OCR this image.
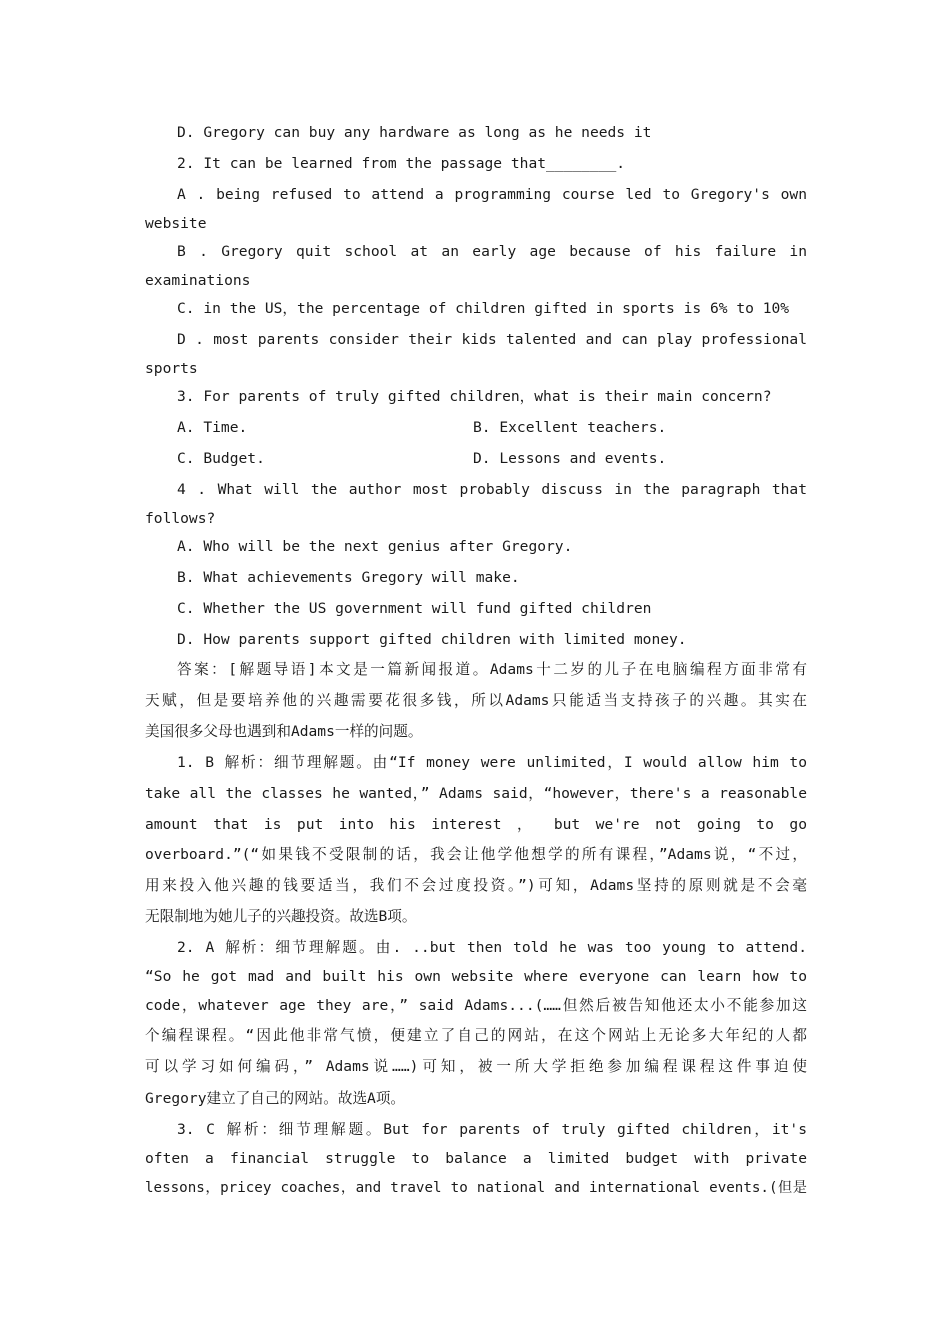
D. Gregory can buy any hardware as long as he needs it
2. It can be learned from the passage that________.
A . being refused to attend a programming course led to Gregory's own
website
B . Gregory quit school at an early age because of his failure in
examinations
C. in the US，the percentage of children gifted in sports is 6% to 10%
D . most parents consider their kids talented and can play professional
sports
3. For parents of truly gifted children，what is their main concern?
A. Time.	B. Excellent teachers.
C. Budget.	D. Lessons and events.
4 . What will the author most probably discuss in the paragraph that
follows?
A. Who will be the next genius after Gregory.
B. What achievements Gregory will make.
C. Whether the US government will fund gifted children
D. How parents support gifted children with limited money.
答案：[解题导语]本文是一篇新闻报道。Adams十二岁的儿子在电脑编程方面非常有
天赋，但是要培养他的兴趣需要花很多钱，所以Adams只能适当支持孩子的兴趣。其实在
美国很多父母也遇到和Adams一样的问题。
1. B 解析：细节理解题。由“If money were unlimited，I would allow him to
take all the classes he wanted，” Adams said，“however，there's a reasonable
amount that is put into his interest ， but we're not going to go
overboard.”(“如果钱不受限制的话，我会让他学他想学的所有课程，”Adams说，“不过，
用来投入他兴趣的钱要适当，我们不会过度投资。”)可知，Adams坚持的原则就是不会毫
无限制地为她儿子的兴趣投资。故选B项。
2. A 解析：细节理解题。由. ..but then told he was too young to attend.
“So he got mad and built his own website where everyone can learn how to
code，whatever age they are，” said Adams...(……但然后被告知他还太小不能参加这
个编程课程。“因此他非常气愤，便建立了自己的网站，在这个网站上无论多大年纪的人都
可以学习如何编码，” Adams说……)可知，被一所大学拒绝参加编程课程这件事迫使
Gregory建立了自己的网站。故选A项。
3. C 解析：细节理解题。But for parents of truly gifted children，it's
often a financial struggle to balance a limited budget with private
lessons，pricey coaches，and travel to national and international events.(但是
